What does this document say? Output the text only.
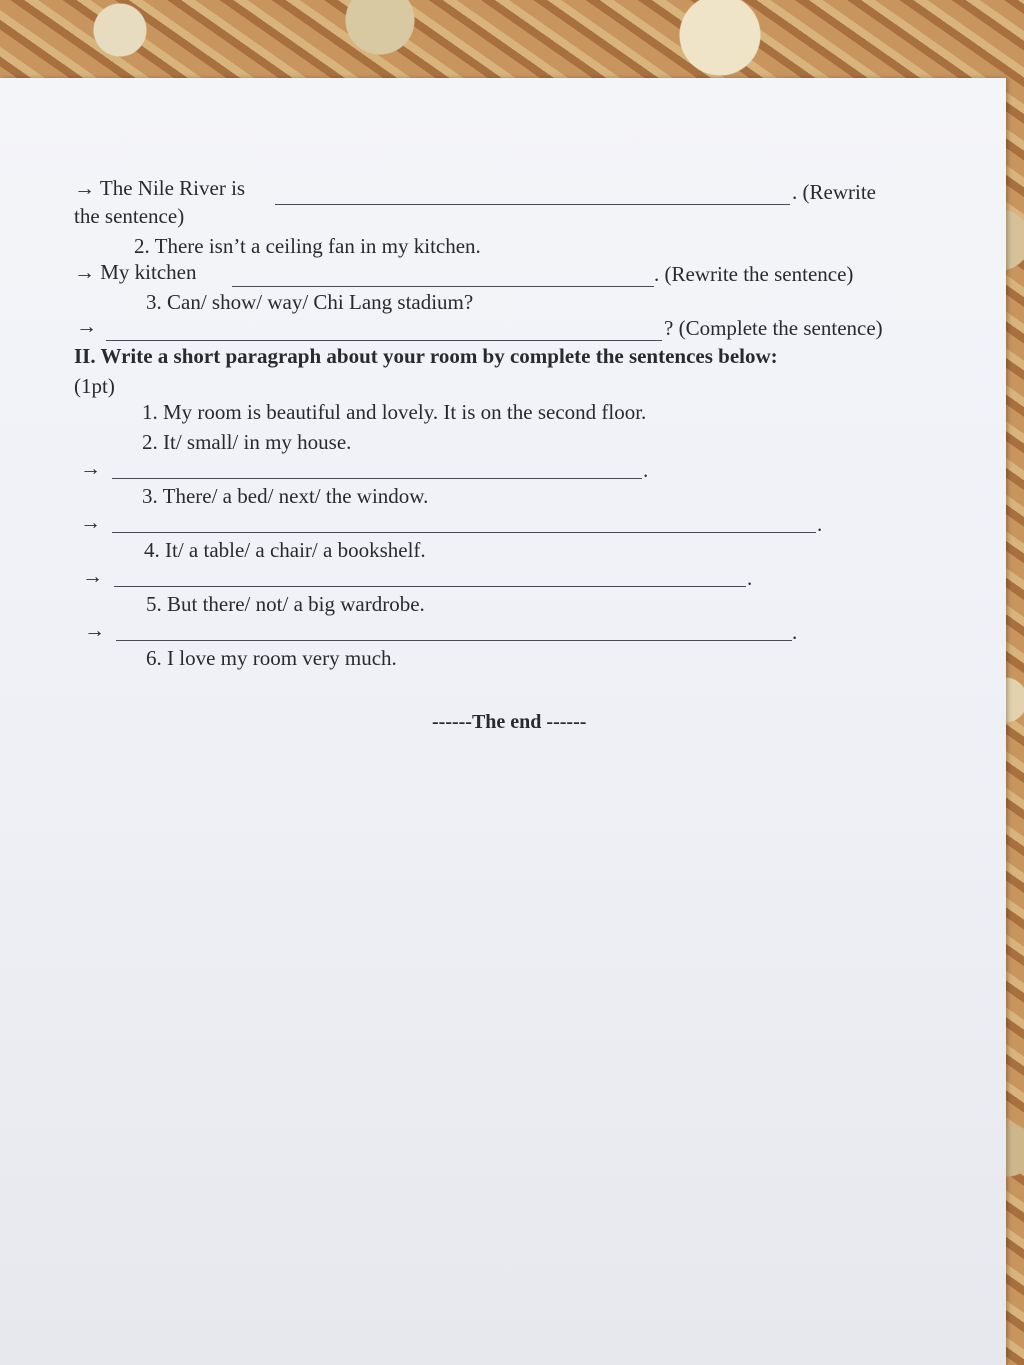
→ The Nile River is	. (Rewrite
the sentence)
2. There isn’t a ceiling fan in my kitchen.
→ My kitchen	. (Rewrite the sentence)
3. Can/ show/ way/ Chi Lang stadium?
→	? (Complete the sentence)
II. Write a short paragraph about your room by complete the sentences below:
(1pt)
1. My room is beautiful and lovely. It is on the second floor.
2. It/ small/ in my house.
→	.
3. There/ a bed/ next/ the window.
→	.
4. It/ a table/ a chair/ a bookshelf.
→	.
5. But there/ not/ a big wardrobe.
→	.
6. I love my room very much.
------The end ------
